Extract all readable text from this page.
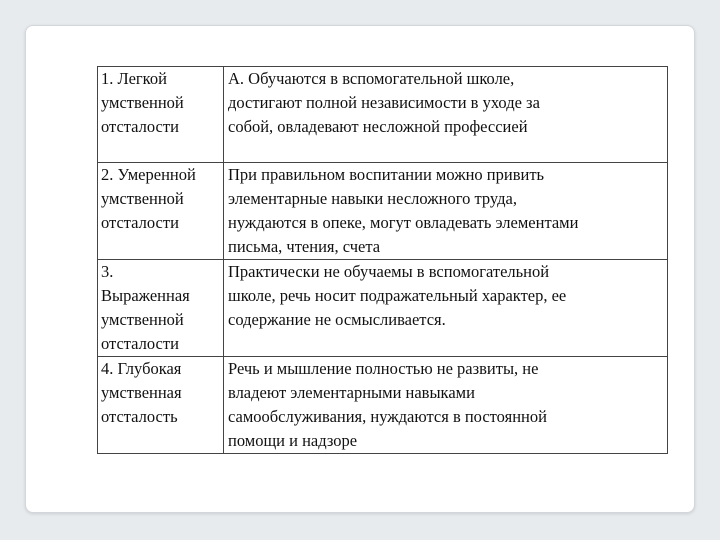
1. Легкой
умственной
отсталости	А. Обучаются в вспомогательной школе,
достигают полной независимости в уходе за
собой, овладевают несложной профессией

2. Умеренной
умственной
отсталости	При правильном воспитании можно привить
элементарные навыки несложного труда,
нуждаются в опеке, могут овладевать элементами
письма, чтения, счета

3.
Выраженная
умственной
отсталости	Практически не обучаемы в вспомогательной
школе, речь носит подражательный характер, ее
содержание не осмысливается.

4. Глубокая
умственная
отсталость	Речь и мышление полностью не развиты, не
владеют элементарными навыками
самообслуживания, нуждаются в постоянной
помощи и надзоре
